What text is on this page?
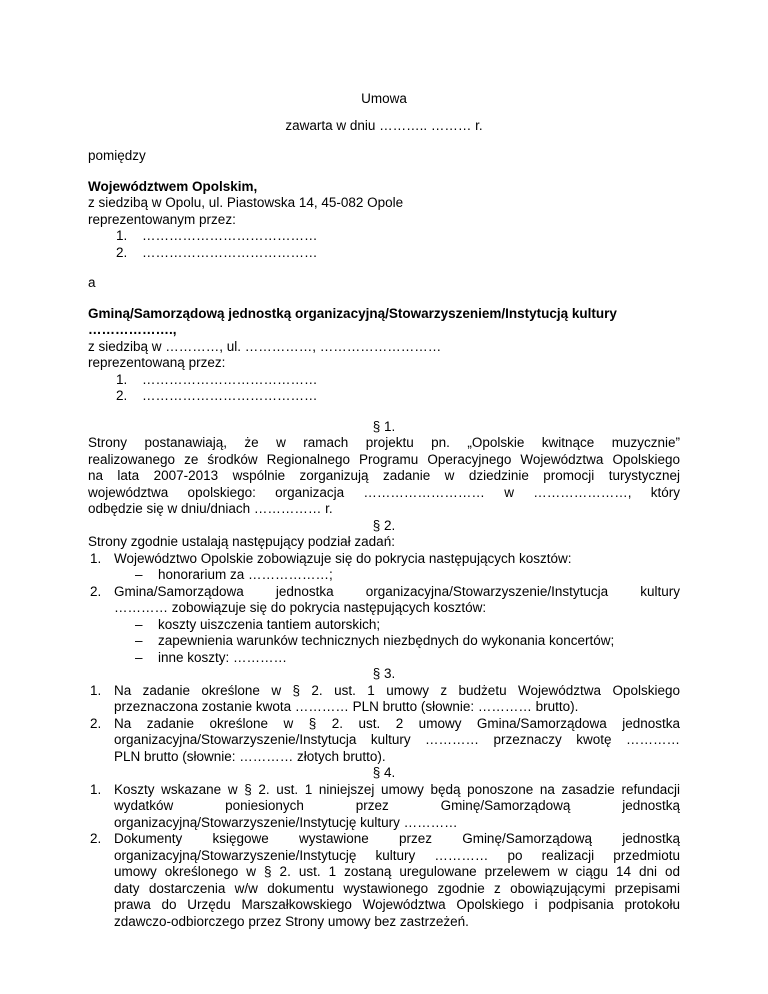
Umowa
zawarta w dniu ……….. ……… r.
pomiędzy
Województwem Opolskim,
z siedzibą w Opolu, ul. Piastowska 14, 45-082 Opole
reprezentowanym przez:
1. …………………………………
2. …………………………………
a
Gminą/Samorządową jednostką organizacyjną/Stowarzyszeniem/Instytucją kultury
……………….,
z siedzibą w …………, ul. ……………, ………………………
reprezentowaną przez:
1. …………………………………
2. …………………………………
§ 1.
Strony postanawiają, że w ramach projektu pn. „Opolskie kwitnące muzycznie”
realizowanego ze środków Regionalnego Programu Operacyjnego Województwa Opolskiego
na lata 2007-2013 wspólnie zorganizują zadanie w dziedzinie promocji turystycznej
województwa opolskiego: organizacja ……………………… w …………………, który
odbędzie się w dniu/dniach …………… r.
§ 2.
Strony zgodnie ustalają następujący podział zadań:
1. Województwo Opolskie zobowiązuje się do pokrycia następujących kosztów:
– honorarium za ………………;
2. Gmina/Samorządowa jednostka organizacyjna/Stowarzyszenie/Instytucja kultury
………… zobowiązuje się do pokrycia następujących kosztów:
– koszty uiszczenia tantiem autorskich;
– zapewnienia warunków technicznych niezbędnych do wykonania koncertów;
– inne koszty: …………
§ 3.
1. Na zadanie określone w § 2. ust. 1 umowy z budżetu Województwa Opolskiego
przeznaczona zostanie kwota ………… PLN brutto (słownie: ………… brutto).
2. Na zadanie określone w § 2. ust. 2 umowy Gmina/Samorządowa jednostka
organizacyjna/Stowarzyszenie/Instytucja kultury ………… przeznaczy kwotę …………
PLN brutto (słownie: ………… złotych brutto).
§ 4.
1. Koszty wskazane w § 2. ust. 1 niniejszej umowy będą ponoszone na zasadzie refundacji
wydatków poniesionych przez Gminę/Samorządową jednostką
organizacyjną/Stowarzyszenie/Instytucję kultury …………
2. Dokumenty księgowe wystawione przez Gminę/Samorządową jednostką
organizacyjną/Stowarzyszenie/Instytucję kultury ………… po realizacji przedmiotu
umowy określonego w § 2. ust. 1 zostaną uregulowane przelewem w ciągu 14 dni od
daty dostarczenia w/w dokumentu wystawionego zgodnie z obowiązującymi przepisami
prawa do Urzędu Marszałkowskiego Województwa Opolskiego i podpisania protokołu
zdawczo-odbiorczego przez Strony umowy bez zastrzeżeń.
